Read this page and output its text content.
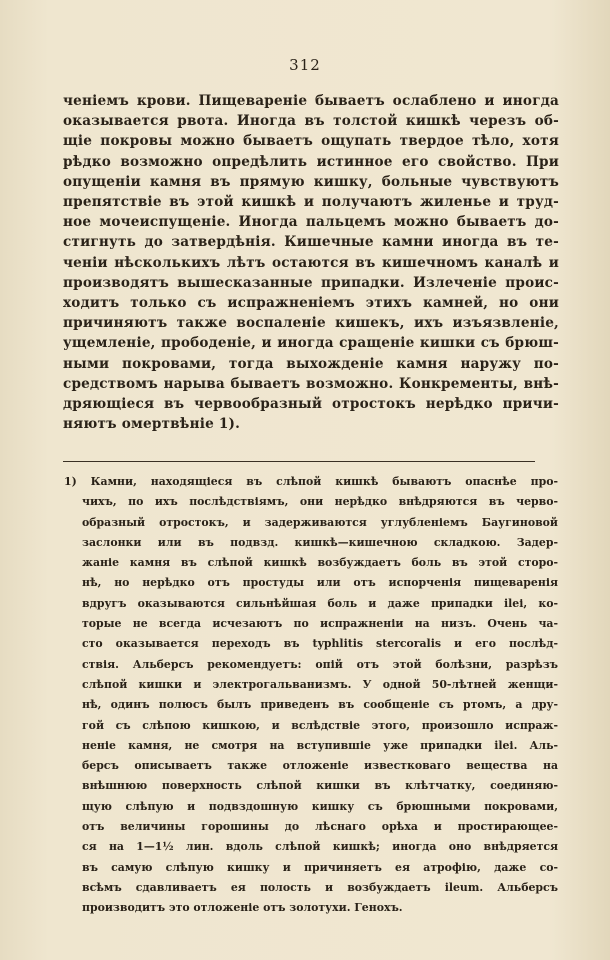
312
ченіемъ крови. Пищевареніе бываетъ ослаблено и иногда
оказывается рвота. Иногда въ толстой кишкѣ черезъ об-
щіе покровы можно бываетъ ощупать твердое тѣло, хотя
рѣдко возможно опредѣлить истинное его свойство. При
опущеніи камня въ прямую кишку, больные чувствуютъ
препятствіе въ этой кишкѣ и получаютъ жиленье и труд-
ное мочеиспущеніе. Иногда пальцемъ можно бываетъ до-
стигнуть до затвердѣнія. Кишечные камни иногда въ те-
ченіи нѣсколькихъ лѣтъ остаются въ кишечномъ каналѣ и
производятъ вышесказанные припадки. Излеченіе проис-
ходитъ только съ испражненіемъ этихъ камней, но они
причиняютъ также воспаленіе кишекъ, ихъ изъязвленіе,
ущемленіе, прободеніе, и иногда сращеніе кишки съ брюш-
ными покровами, тогда выхожденіе камня наружу по-
средствомъ нарыва бываетъ возможно. Конкременты, внѣ-
дряющіеся въ червообразный отростокъ нерѣдко причи-
няютъ омертвѣніе 1).
1) Камни, находящіеся въ слѣпой кишкѣ бываютъ опаснѣе про-
чихъ, по ихъ послѣдствіямъ, они нерѣдко внѣдряются въ черво-
образный отростокъ, и задерживаются углубленіемъ Баугиновой
заслонки или въ подвзд. кишкѣ—кишечною складкою. Задер-
жаніе камня въ слѣпой кишкѣ возбуждаетъ боль въ этой сторо-
нѣ, но нерѣдко отъ простуды или отъ испорченія пищеваренія
вдругъ оказываются сильнѣйшая боль и даже припадки ileі, ко-
торые не всегда исчезаютъ по испражненіи на низъ. Очень ча-
сто оказывается переходъ въ typhlitis stercoralis и его послѣд-
ствія. Альберсъ рекомендуетъ: опій отъ этой болѣзни, разрѣзъ
слѣпой кишки и электрогальванизмъ. У одной 50-лѣтней женщи-
нѣ, одинъ полюсъ былъ приведенъ въ сообщеніе съ ртомъ, а дру-
гой съ слѣпою кишкою, и вслѣдствіе этого, произошло испраж-
неніе камня, не смотря на вступившіе уже припадки ileі. Аль-
берсъ описываетъ также отложеніе известковаго вещества на
внѣшнюю поверхность слѣпой кишки въ клѣтчатку, соединяю-
щую слѣпую и подвздошную кишку съ брюшными покровами,
отъ величины горошины до лѣснаго орѣха и простирающее-
ся на 1—1½ лин. вдоль слѣпой кишкѣ; иногда оно внѣдряется
въ самую слѣпую кишку и причиняетъ ея атрофію, даже со-
всѣмъ сдавливаетъ ея полость и возбуждаетъ ileum. Альберсъ
производитъ это отложеніе отъ золотухи. Генохъ.
